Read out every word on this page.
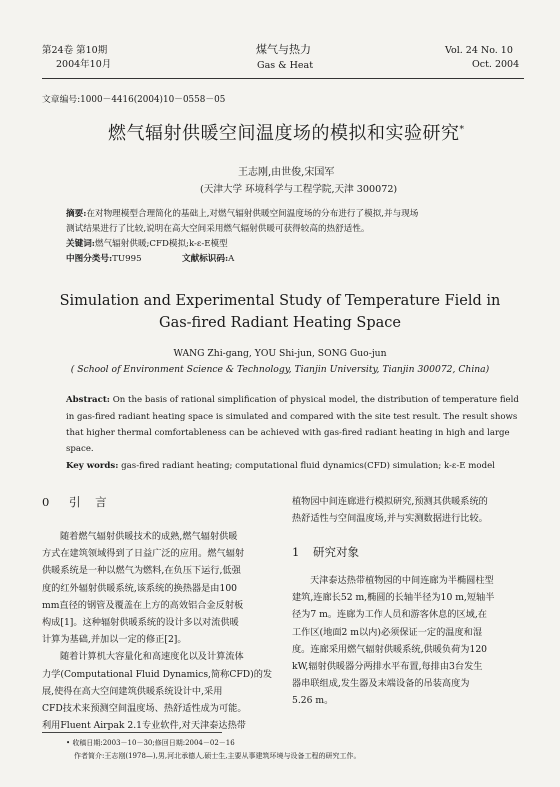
第24卷 第10期
2004年10月
煤气与热力
Gas & Heat
Vol. 24 No. 10
Oct. 2004
文章编号:1000－4416(2004)10－0558－05
燃气辐射供暖空间温度场的模拟和实验研究*
王志刚,由世俊,宋国军
(天津大学 环境科学与工程学院,天津 300072)
摘要:在对物理模型合理简化的基础上,对燃气辐射供暖空间温度场的分布进行了模拟,并与现场
测试结果进行了比较,说明在高大空间采用燃气辐射供暖可获得较高的热舒适性。
关键词:燃气辐射供暖;CFD模拟;k-ε-E模型
中图分类号:TU995	文献标识码:A
Simulation and Experimental Study of Temperature Field in
Gas-fired Radiant Heating Space
WANG Zhi-gang, YOU Shi-jun, SONG Guo-jun
( School of Environment Science & Technology, Tianjin University, Tianjin 300072, China)
Abstract: On the basis of rational simplification of physical model, the distribution of temperature field
in gas-fired radiant heating space is simulated and compared with the site test result. The result shows
that higher thermal comfortableness can be achieved with gas-fired radiant heating in high and large
space.
Key words: gas-fired radiant heating; computational fluid dynamics(CFD) simulation; k-ε-E model
0 引    言
随着燃气辐射供暖技术的成熟,燃气辐射供暖
方式在建筑领域得到了日益广泛的应用。燃气辐射
供暖系统是一种以燃气为燃料,在负压下运行,低强
度的红外辐射供暖系统,该系统的换热器是由100
mm直径的钢管及覆盖在上方的高效铝合金反射板
构成[1]。这种辐射供暖系统的设计多以对流供暖
计算为基础,并加以一定的修正[2]。
随着计算机大容量化和高速度化以及计算流体
力学(Computational Fluid Dynamics,简称CFD)的发
展,使得在高大空间建筑供暖系统设计中,采用
CFD技术来预测空间温度场、热舒适性成为可能。
利用Fluent Airpak 2.1专业软件,对天津泰达热带
植物园中间连廊进行模拟研究,预测其供暖系统的
热舒适性与空间温度场,并与实测数据进行比较。
1 研究对象
天津泰达热带植物园的中间连廊为半椭圆柱型
建筑,连廊长52 m,椭圆的长轴半径为10 m,短轴半
径为7 m。连廊为工作人员和游客休息的区域,在
工作区(地面2 m以内)必须保证一定的温度和湿
度。连廊采用燃气辐射供暖系统,供暖负荷为120
kW,辐射供暖器分两排水平布置,每排由3台发生
器串联组成,发生器及末端设备的吊装高度为
5.26 m。
• 收稿日期:2003－10－30;修回日期:2004－02－16
作者简介:王志刚(1978—),男,河北承德人,硕士生,主要从事建筑环境与设备工程的研究工作。
